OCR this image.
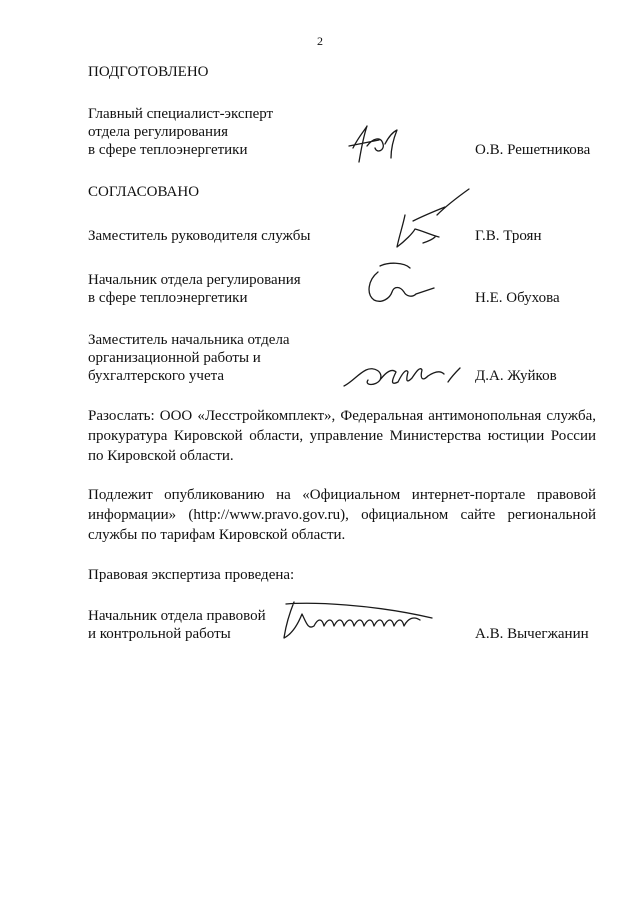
2
ПОДГОТОВЛЕНО
Главный специалист-эксперт
отдела регулирования
в сфере теплоэнергетики	О.В. Решетникова
СОГЛАСОВАНО
Заместитель руководителя службы	Г.В. Троян
Начальник отдела регулирования
в сфере теплоэнергетики	Н.Е. Обухова
Заместитель начальника отдела
организационной работы и
бухгалтерского учета	Д.А. Жуйков
Разослать: ООО «Лесстройкомплект», Федеральная антимонопольная служба,
прокуратура Кировской области, управление Министерства юстиции России
по Кировской области.
Подлежит опубликованию на «Официальном интернет-портале правовой
информации» (http://www.pravo.gov.ru), официальном сайте региональной
службы по тарифам Кировской области.
Правовая экспертиза проведена:
Начальник отдела правовой
и контрольной работы	А.В. Вычегжанин
